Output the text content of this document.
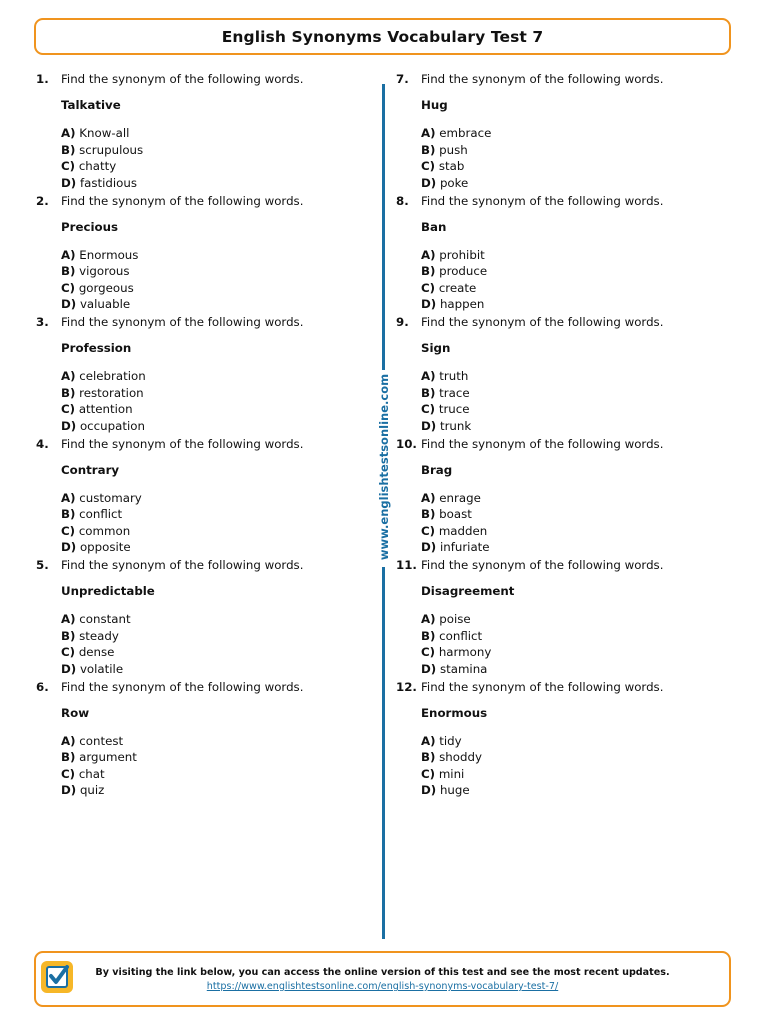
English Synonyms Vocabulary Test 7
1. Find the synonym of the following words.
Talkative
A) Know-all
B) scrupulous
C) chatty
D) fastidious
2. Find the synonym of the following words.
Precious
A) Enormous
B) vigorous
C) gorgeous
D) valuable
3. Find the synonym of the following words.
Profession
A) celebration
B) restoration
C) attention
D) occupation
4. Find the synonym of the following words.
Contrary
A) customary
B) conflict
C) common
D) opposite
5. Find the synonym of the following words.
Unpredictable
A) constant
B) steady
C) dense
D) volatile
6. Find the synonym of the following words.
Row
A) contest
B) argument
C) chat
D) quiz
7. Find the synonym of the following words.
Hug
A) embrace
B) push
C) stab
D) poke
8. Find the synonym of the following words.
Ban
A) prohibit
B) produce
C) create
D) happen
9. Find the synonym of the following words.
Sign
A) truth
B) trace
C) truce
D) trunk
10. Find the synonym of the following words.
Brag
A) enrage
B) boast
C) madden
D) infuriate
11. Find the synonym of the following words.
Disagreement
A) poise
B) conflict
C) harmony
D) stamina
12. Find the synonym of the following words.
Enormous
A) tidy
B) shoddy
C) mini
D) huge
www.englishtestsonline.com
By visiting the link below, you can access the online version of this test and see the most recent updates.
https://www.englishtestsonline.com/english-synonyms-vocabulary-test-7/
